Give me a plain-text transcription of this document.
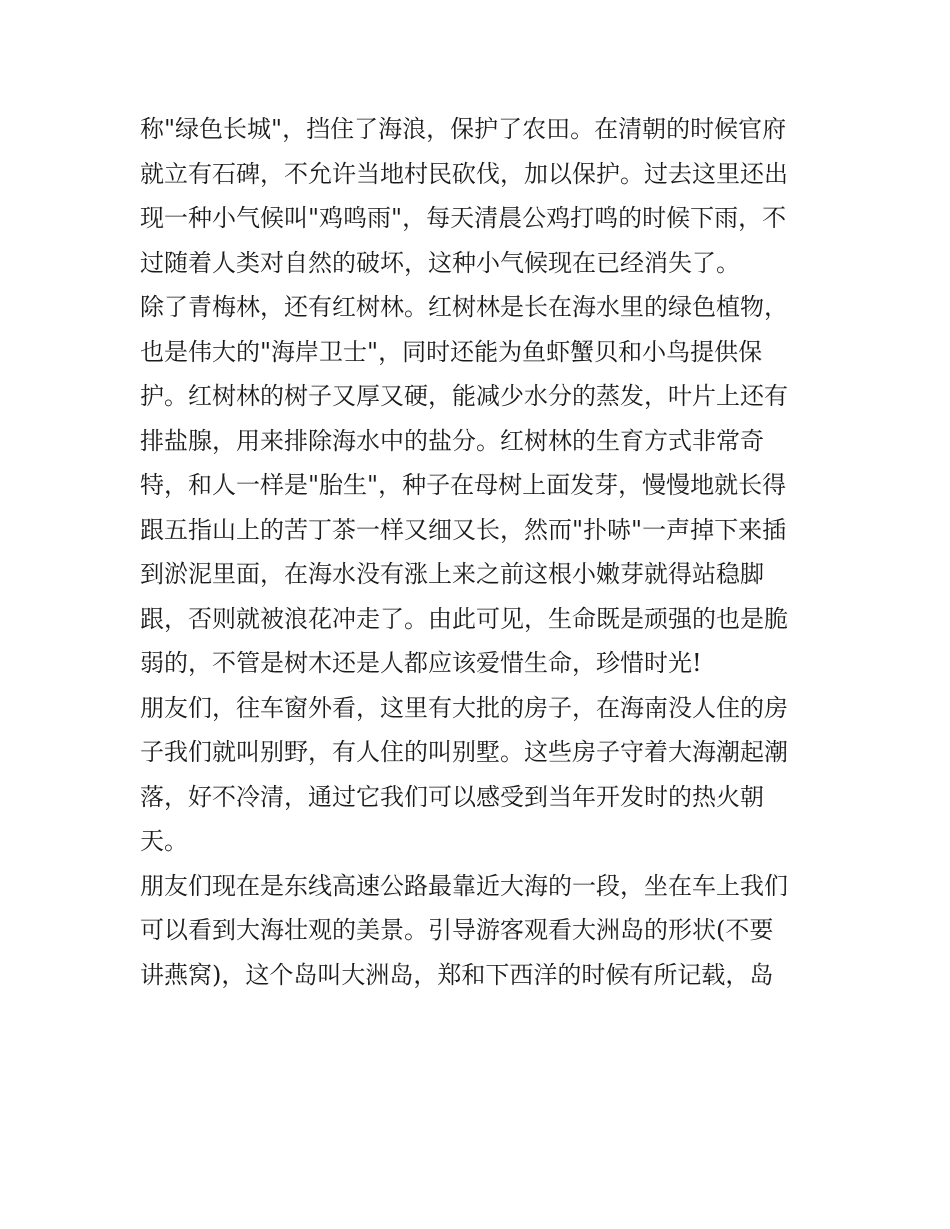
称"绿色长城"，挡住了海浪，保护了农田。在清朝的时候官府
就立有石碑，不允许当地村民砍伐，加以保护。过去这里还出
现一种小气候叫"鸡鸣雨"，每天清晨公鸡打鸣的时候下雨，不
过随着人类对自然的破坏，这种小气候现在已经消失了。
除了青梅林，还有红树林。红树林是长在海水里的绿色植物，
也是伟大的"海岸卫士"，同时还能为鱼虾蟹贝和小鸟提供保
护。红树林的树子又厚又硬，能减少水分的蒸发，叶片上还有
排盐腺，用来排除海水中的盐分。红树林的生育方式非常奇
特，和人一样是"胎生"，种子在母树上面发芽，慢慢地就长得
跟五指山上的苦丁茶一样又细又长，然而"扑哧"一声掉下来插
到淤泥里面，在海水没有涨上来之前这根小嫩芽就得站稳脚
跟，否则就被浪花冲走了。由此可见，生命既是顽强的也是脆
弱的，不管是树木还是人都应该爱惜生命，珍惜时光!
朋友们，往车窗外看，这里有大批的房子，在海南没人住的房
子我们就叫别野，有人住的叫别墅。这些房子守着大海潮起潮
落，好不冷清，通过它我们可以感受到当年开发时的热火朝
天。
朋友们现在是东线高速公路最靠近大海的一段，坐在车上我们
可以看到大海壮观的美景。引导游客观看大洲岛的形状(不要
讲燕窝)，这个岛叫大洲岛，郑和下西洋的时候有所记载，岛
